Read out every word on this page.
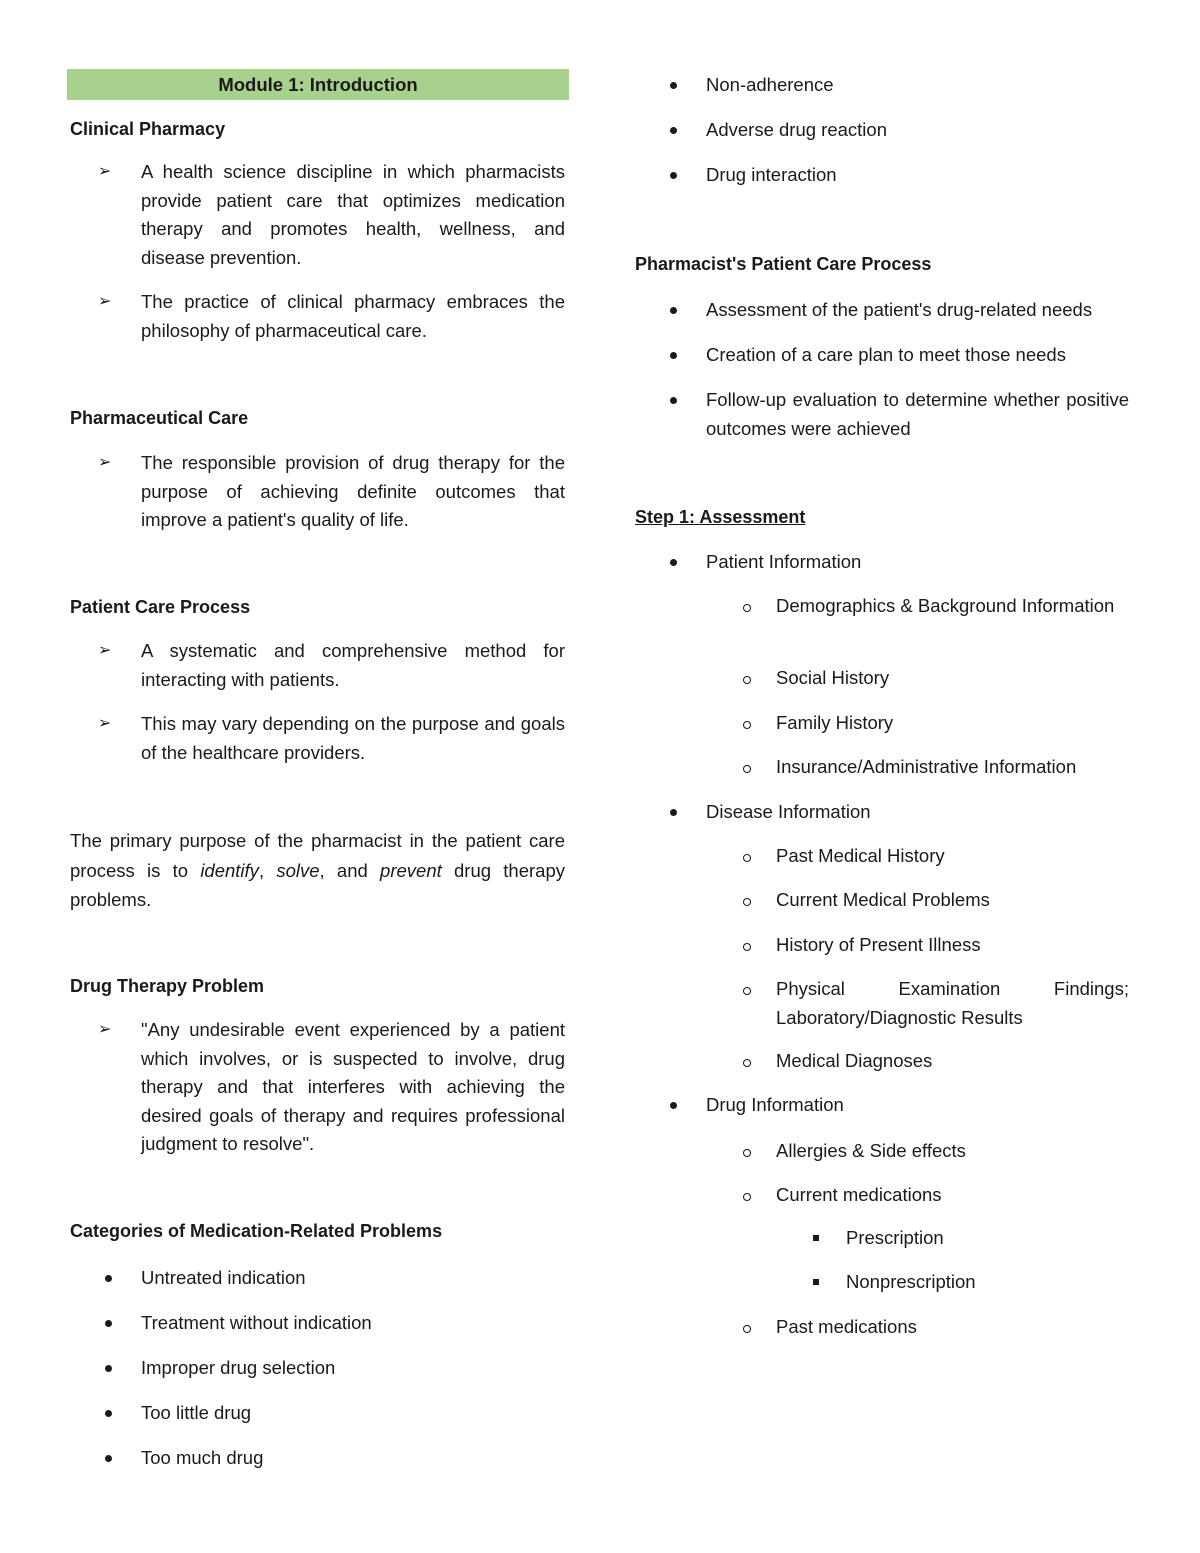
Module 1: Introduction
Clinical Pharmacy
➢ A health science discipline in which pharmacists provide patient care that optimizes medication therapy and promotes health, wellness, and disease prevention.
➢ The practice of clinical pharmacy embraces the philosophy of pharmaceutical care.
Pharmaceutical Care
➢ The responsible provision of drug therapy for the purpose of achieving definite outcomes that improve a patient's quality of life.
Patient Care Process
➢ A systematic and comprehensive method for interacting with patients.
➢ This may vary depending on the purpose and goals of the healthcare providers.
The primary purpose of the pharmacist in the patient care process is to identify, solve, and prevent drug therapy problems.
Drug Therapy Problem
➢ "Any undesirable event experienced by a patient which involves, or is suspected to involve, drug therapy and that interferes with achieving the desired goals of therapy and requires professional judgment to resolve".
Categories of Medication-Related Problems
Untreated indication
Treatment without indication
Improper drug selection
Too little drug
Too much drug
Non-adherence
Adverse drug reaction
Drug interaction
Pharmacist's Patient Care Process
Assessment of the patient's drug-related needs
Creation of a care plan to meet those needs
Follow-up evaluation to determine whether positive outcomes were achieved
Step 1: Assessment
Patient Information
Demographics & Background Information
Social History
Family History
Insurance/Administrative Information
Disease Information
Past Medical History
Current Medical Problems
History of Present Illness
Physical Examination Findings; Laboratory/Diagnostic Results
Medical Diagnoses
Drug Information
Allergies & Side effects
Current medications
Prescription
Nonprescription
Past medications
